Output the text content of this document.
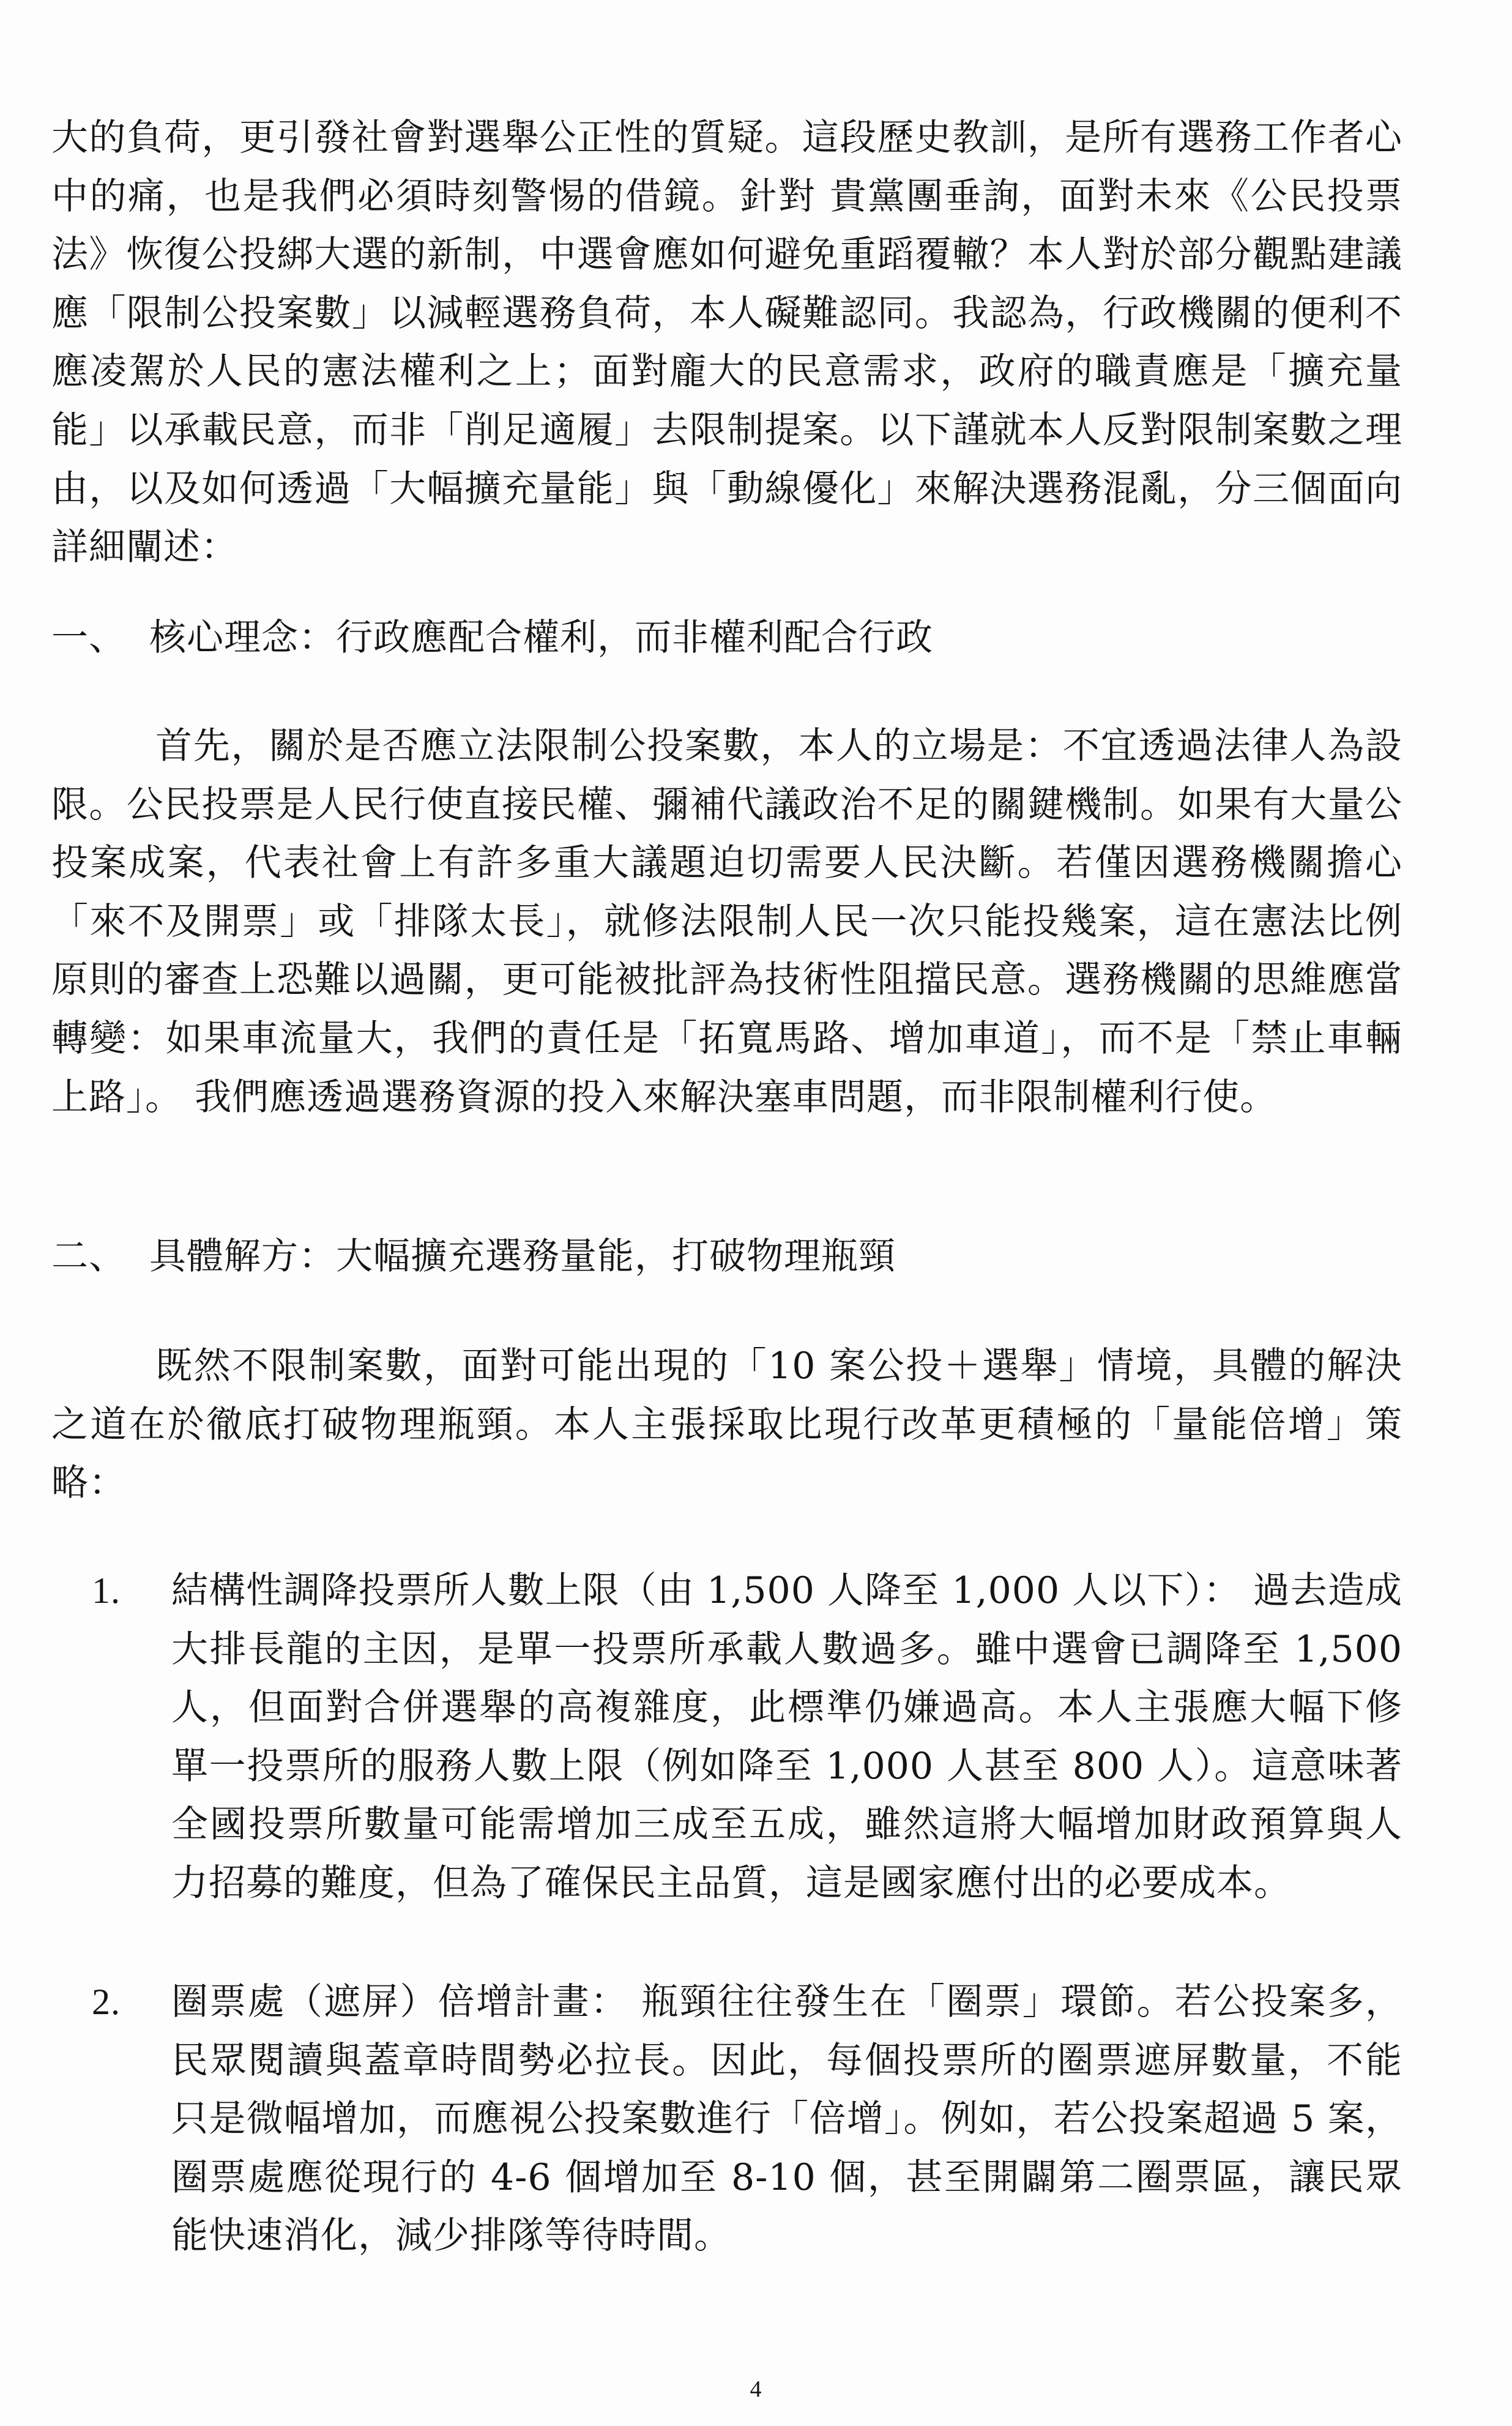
大的負荷，更引發社會對選舉公正性的質疑。這段歷史教訓，是所有選務工作者心中的痛，也是我們必須時刻警惕的借鏡。針對 貴黨團垂詢，面對未來《公民投票法》恢復公投綁大選的新制，中選會應如何避免重蹈覆轍？本人對於部分觀點建議應「限制公投案數」以減輕選務負荷，本人礙難認同。我認為，行政機關的便利不應凌駕於人民的憲法權利之上；面對龐大的民意需求，政府的職責應是「擴充量能」以承載民意，而非「削足適履」去限制提案。以下謹就本人反對限制案數之理由，以及如何透過「大幅擴充量能」與「動線優化」來解決選務混亂，分三個面向詳細闡述：

一、 核心理念：行政應配合權利，而非權利配合行政

首先，關於是否應立法限制公投案數，本人的立場是：不宜透過法律人為設限。公民投票是人民行使直接民權、彌補代議政治不足的關鍵機制。如果有大量公投案成案，代表社會上有許多重大議題迫切需要人民決斷。若僅因選務機關擔心「來不及開票」或「排隊太長」，就修法限制人民一次只能投幾案，這在憲法比例原則的審查上恐難以過關，更可能被批評為技術性阻擋民意。選務機關的思維應當轉變：如果車流量大，我們的責任是「拓寬馬路、增加車道」，而不是「禁止車輛上路」。 我們應透過選務資源的投入來解決塞車問題，而非限制權利行使。

二、 具體解方：大幅擴充選務量能，打破物理瓶頸

既然不限制案數，面對可能出現的「10 案公投＋選舉」情境，具體的解決之道在於徹底打破物理瓶頸。本人主張採取比現行改革更積極的「量能倍增」策略：

1.	結構性調降投票所人數上限（由 1,500 人降至 1,000 人以下）： 過去造成大排長龍的主因，是單一投票所承載人數過多。雖中選會已調降至 1,500 人，但面對合併選舉的高複雜度，此標準仍嫌過高。本人主張應大幅下修單一投票所的服務人數上限（例如降至 1,000 人甚至 800 人）。這意味著全國投票所數量可能需增加三成至五成，雖然這將大幅增加財政預算與人力招募的難度，但為了確保民主品質，這是國家應付出的必要成本。
2.	圈票處（遮屏）倍增計畫： 瓶頸往往發生在「圈票」環節。若公投案多，民眾閱讀與蓋章時間勢必拉長。因此，每個投票所的圈票遮屏數量，不能只是微幅增加，而應視公投案數進行「倍增」。例如，若公投案超過 5 案，圈票處應從現行的 4-6 個增加至 8-10 個，甚至開闢第二圈票區，讓民眾能快速消化，減少排隊等待時間。
4
